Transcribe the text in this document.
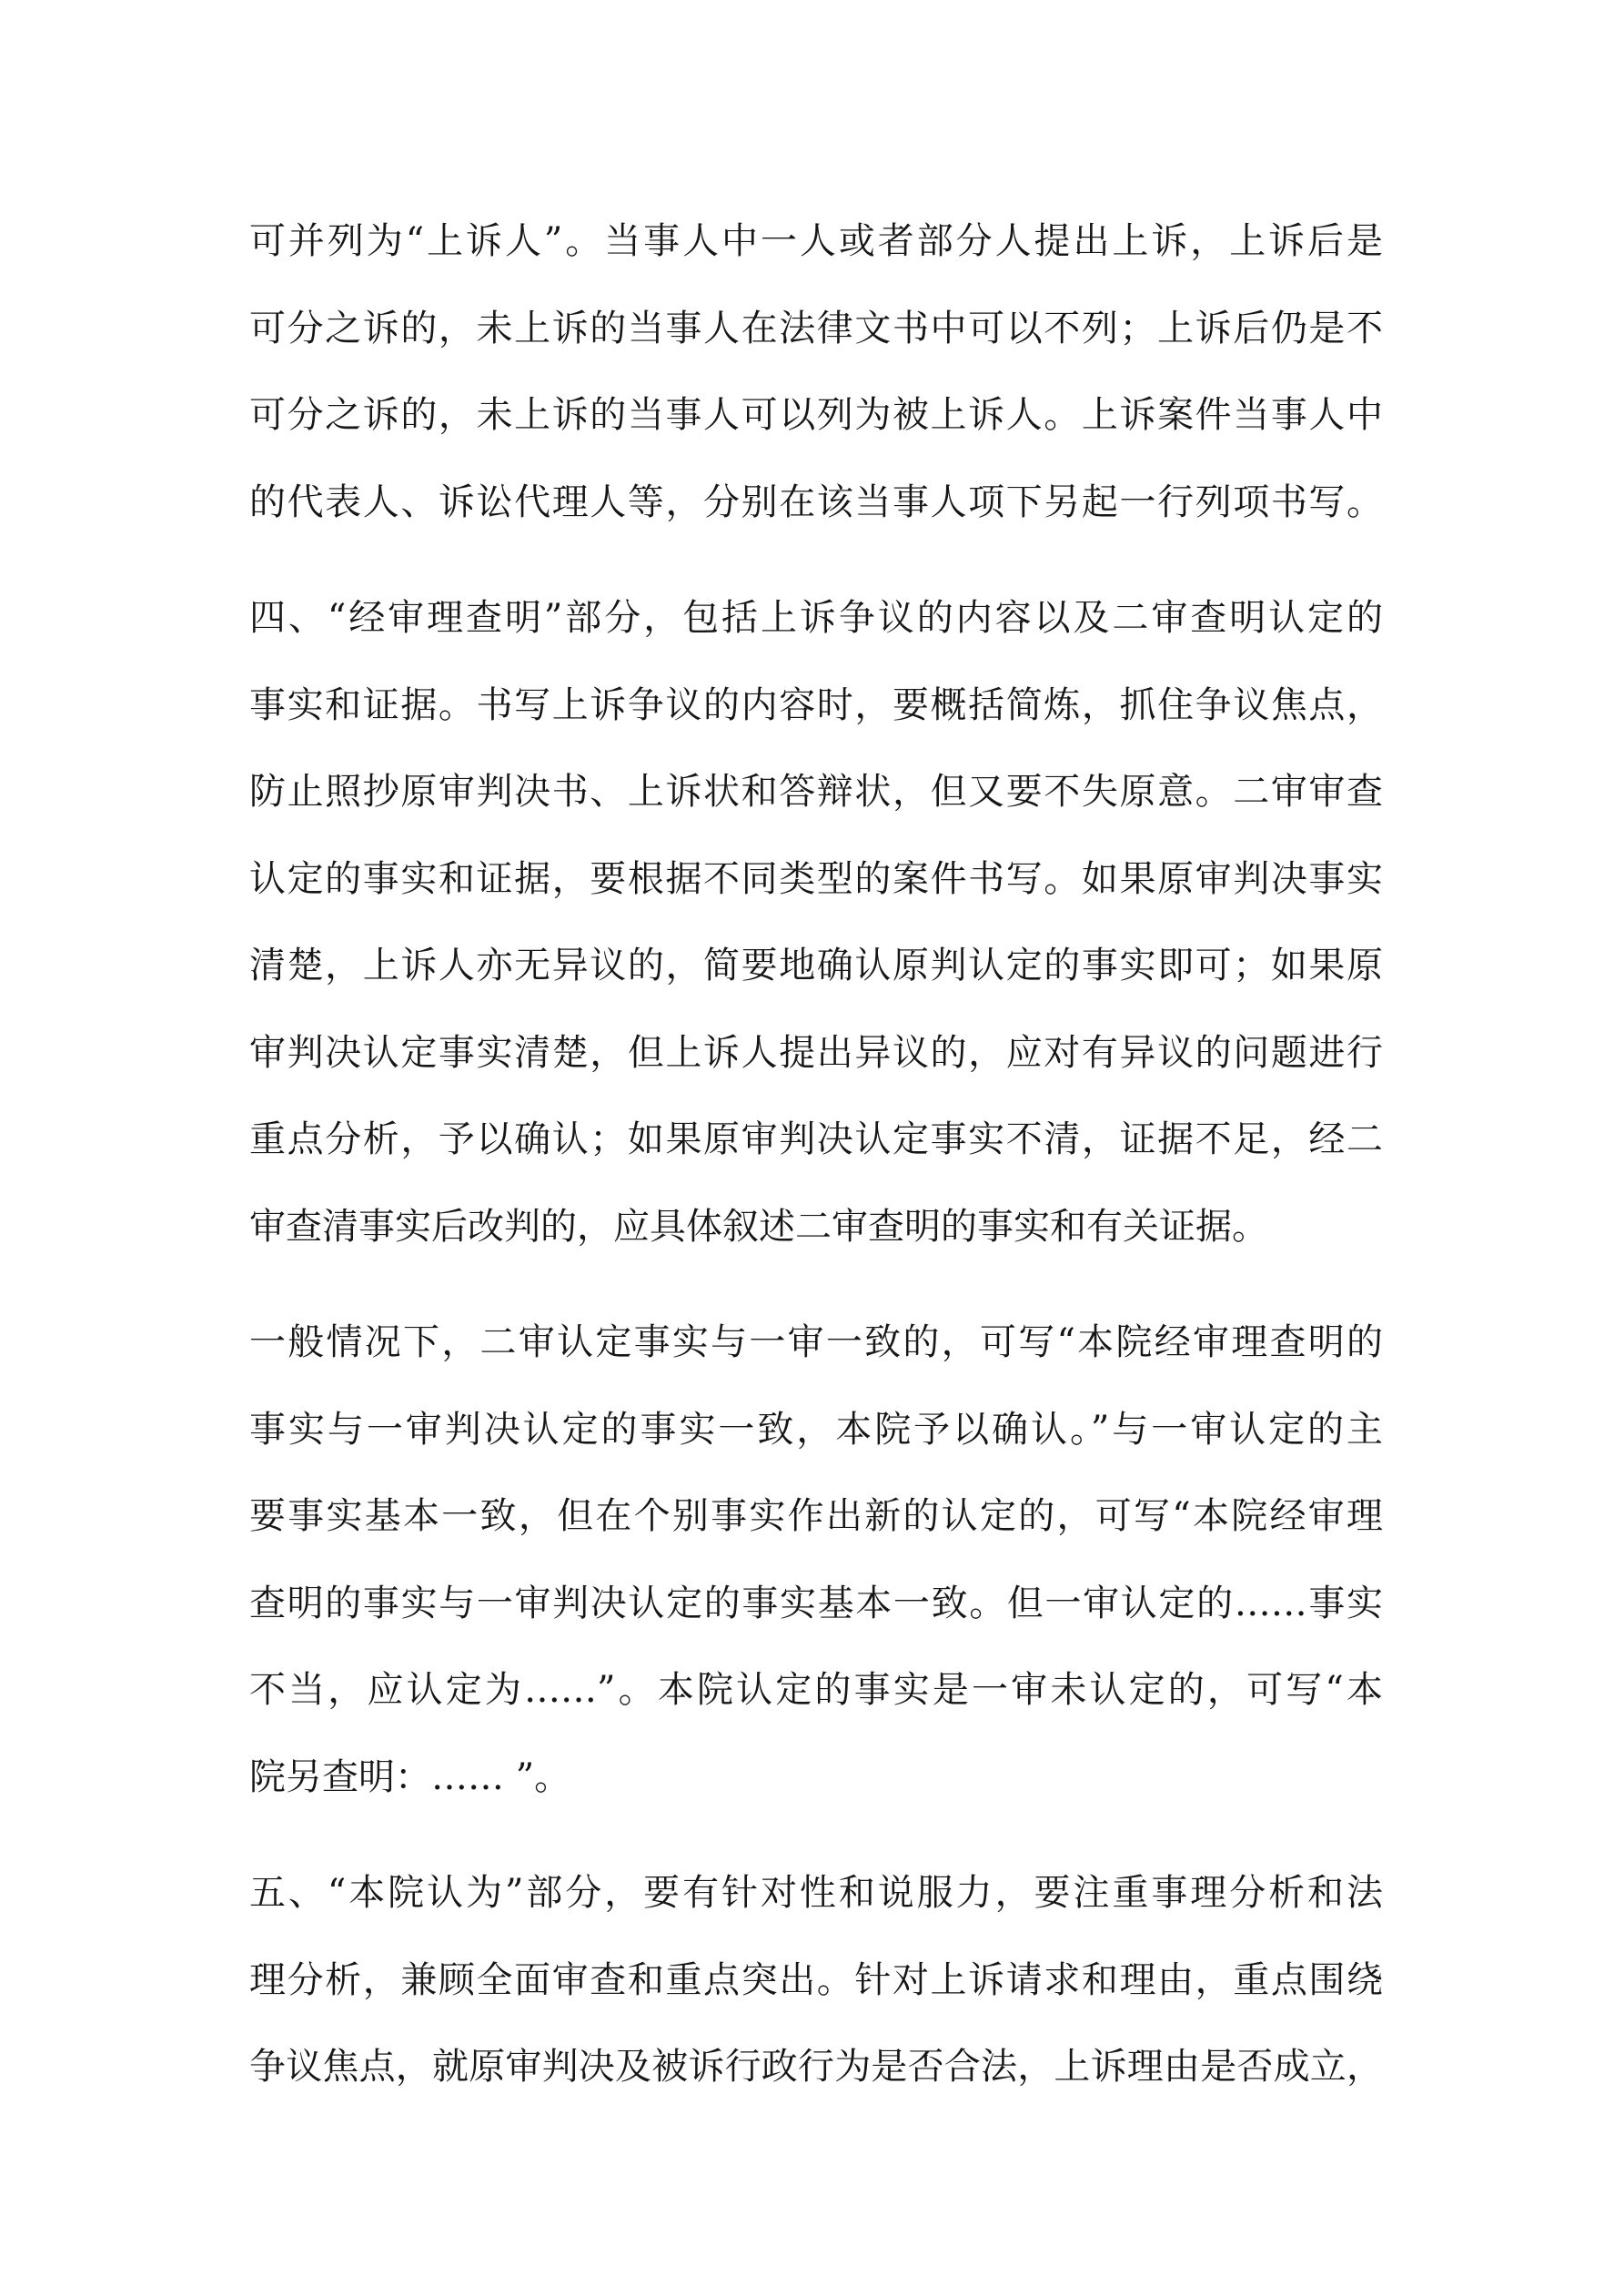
可并列为“上诉人”。当事人中一人或者部分人提出上诉，上诉后是
可分之诉的，未上诉的当事人在法律文书中可以不列；上诉后仍是不
可分之诉的，未上诉的当事人可以列为被上诉人。上诉案件当事人中
的代表人、诉讼代理人等，分别在该当事人项下另起一行列项书写。
四、“经审理查明”部分，包括上诉争议的内容以及二审查明认定的
事实和证据。书写上诉争议的内容时，要概括简炼，抓住争议焦点，
防止照抄原审判决书、上诉状和答辩状，但又要不失原意。二审审查
认定的事实和证据，要根据不同类型的案件书写。如果原审判决事实
清楚，上诉人亦无异议的，简要地确认原判认定的事实即可；如果原
审判决认定事实清楚，但上诉人提出异议的，应对有异议的问题进行
重点分析，予以确认；如果原审判决认定事实不清，证据不足，经二
审查清事实后改判的，应具体叙述二审查明的事实和有关证据。
一般情况下，二审认定事实与一审一致的，可写“本院经审理查明的
事实与一审判决认定的事实一致，本院予以确认。”与一审认定的主
要事实基本一致，但在个别事实作出新的认定的，可写“本院经审理
查明的事实与一审判决认定的事实基本一致。但一审认定的……事实
不当，应认定为……”。本院认定的事实是一审未认定的，可写“本
院另查明：…… ”。
五、“本院认为”部分，要有针对性和说服力，要注重事理分析和法
理分析，兼顾全面审查和重点突出。针对上诉请求和理由，重点围绕
争议焦点，就原审判决及被诉行政行为是否合法，上诉理由是否成立，
